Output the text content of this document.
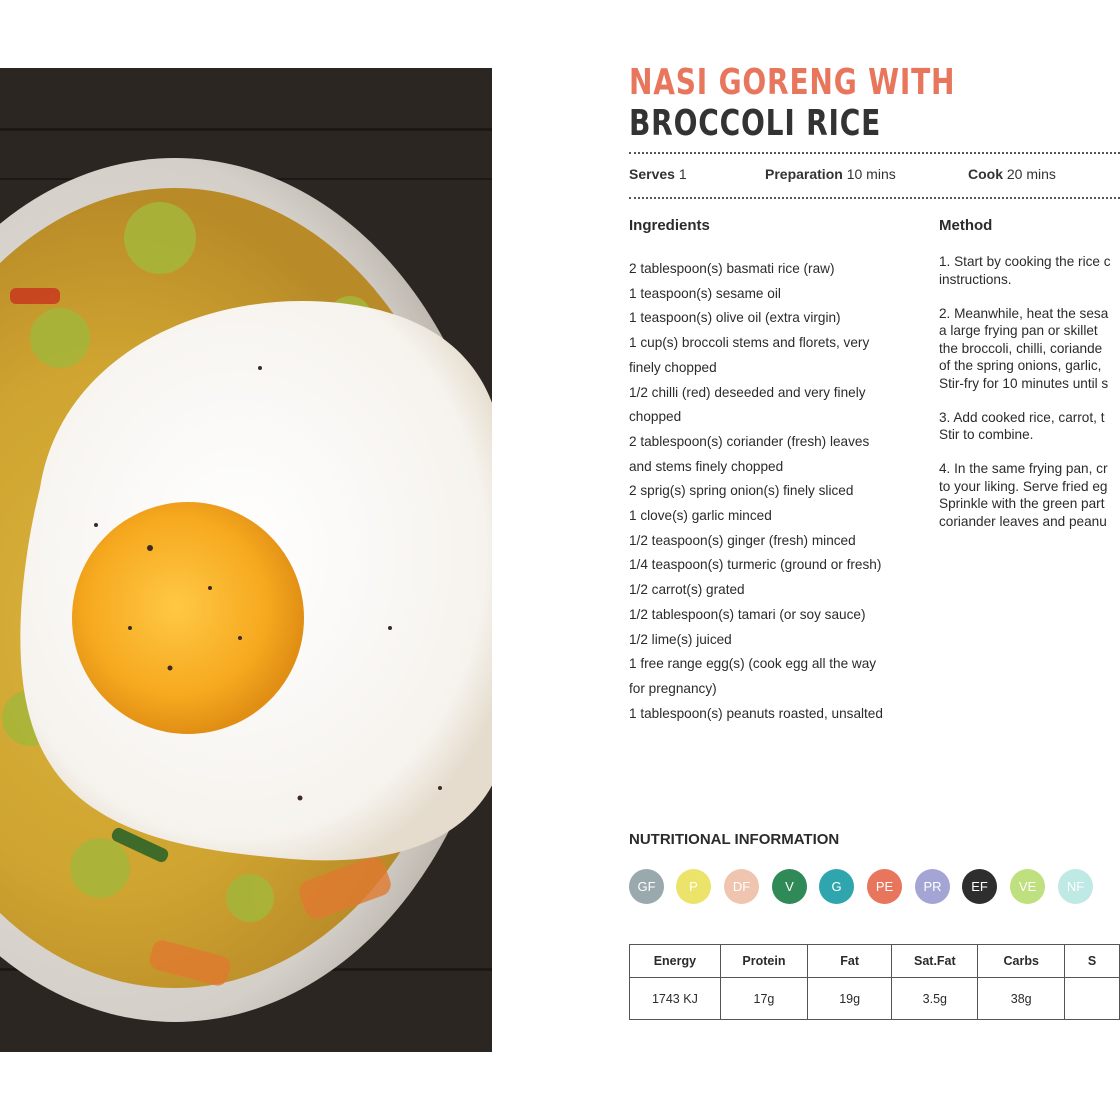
NASI GORENG WITH
BROCCOLI RICE
Serves 1	Preparation 10 mins	Cook 20 mins
Ingredients
2 tablespoon(s) basmati rice (raw)
1 teaspoon(s) sesame oil
1 teaspoon(s) olive oil (extra virgin)
1 cup(s) broccoli stems and florets, very
finely chopped
1/2 chilli (red) deseeded and very finely
chopped
2 tablespoon(s) coriander (fresh) leaves
and stems finely chopped
2 sprig(s) spring onion(s) finely sliced
1 clove(s) garlic minced
1/2 teaspoon(s) ginger (fresh) minced
1/4 teaspoon(s) turmeric (ground or fresh)
1/2 carrot(s) grated
1/2 tablespoon(s) tamari (or soy sauce)
1/2 lime(s) juiced
1 free range egg(s) (cook egg all the way
for pregnancy)
1 tablespoon(s) peanuts roasted, unsalted
Method

1. Start by cooking the rice c
instructions.

2. Meanwhile, heat the sesa
a large frying pan or skillet
the broccoli, chilli, coriande
of the spring onions, garlic,
Stir-fry for 10 minutes until s

3. Add cooked rice, carrot, t
Stir to combine.

4. In the same frying pan, cr
to your liking. Serve fried eg
Sprinkle with the green part
coriander leaves and peanu

NUTRITIONAL INFORMATION
GF	P	DF	V	G	PE	PR	EF	VE	NF
Energy	Protein	Fat	Sat.Fat	Carbs	S
1743 KJ	17g	19g	3.5g	38g	
